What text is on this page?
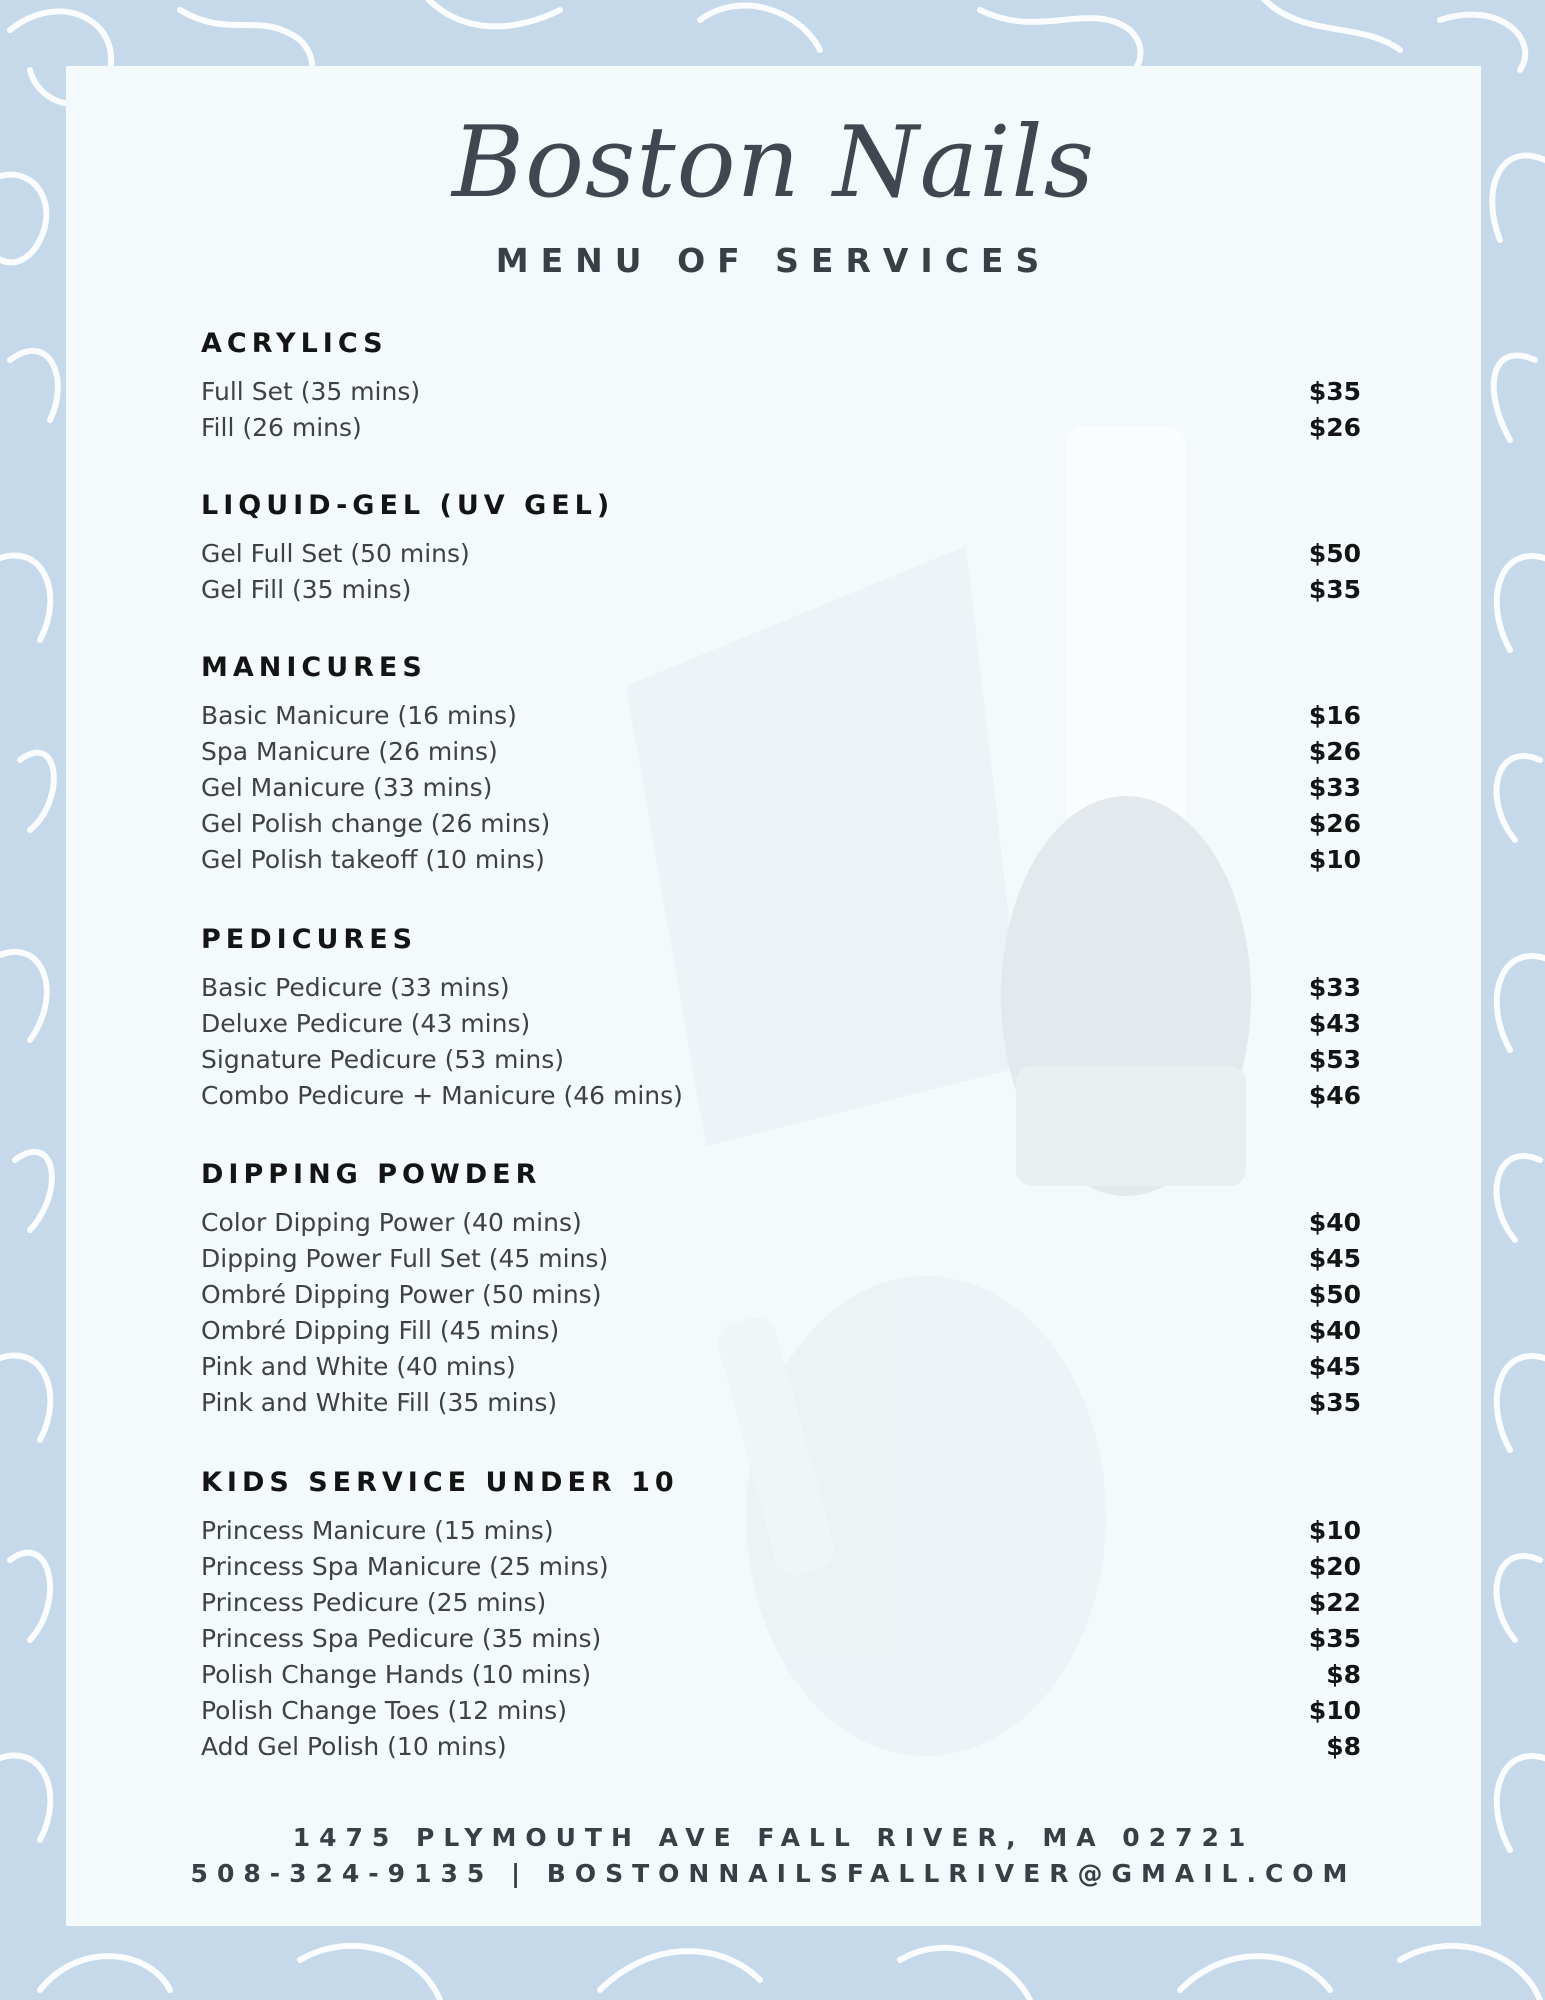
Boston Nails
MENU OF SERVICES
ACRYLICS
Full Set (35 mins)	$35
Fill (26 mins)	$26
LIQUID-GEL (UV GEL)
Gel Full Set (50 mins)	$50
Gel Fill (35 mins)	$35
MANICURES
Basic Manicure (16 mins)	$16
Spa Manicure (26 mins)	$26
Gel Manicure (33 mins)	$33
Gel Polish change (26 mins)	$26
Gel Polish takeoff (10 mins)	$10
PEDICURES
Basic Pedicure (33 mins)	$33
Deluxe Pedicure (43 mins)	$43
Signature Pedicure (53 mins)	$53
Combo Pedicure + Manicure (46 mins)	$46
DIPPING POWDER
Color Dipping Power (40 mins)	$40
Dipping Power Full Set (45 mins)	$45
Ombré Dipping Power (50 mins)	$50
Ombré Dipping Fill (45 mins)	$40
Pink and White (40 mins)	$45
Pink and White Fill (35 mins)	$35
KIDS SERVICE UNDER 10
Princess Manicure (15 mins)	$10
Princess Spa Manicure (25 mins)	$20
Princess Pedicure (25 mins)	$22
Princess Spa Pedicure (35 mins)	$35
Polish Change Hands (10 mins)	$8
Polish Change Toes (12 mins)	$10
Add Gel Polish (10 mins)	$8
1475 PLYMOUTH AVE FALL RIVER, MA 02721
508-324-9135 | BOSTONNAILSFALLRIVER@GMAIL.COM
